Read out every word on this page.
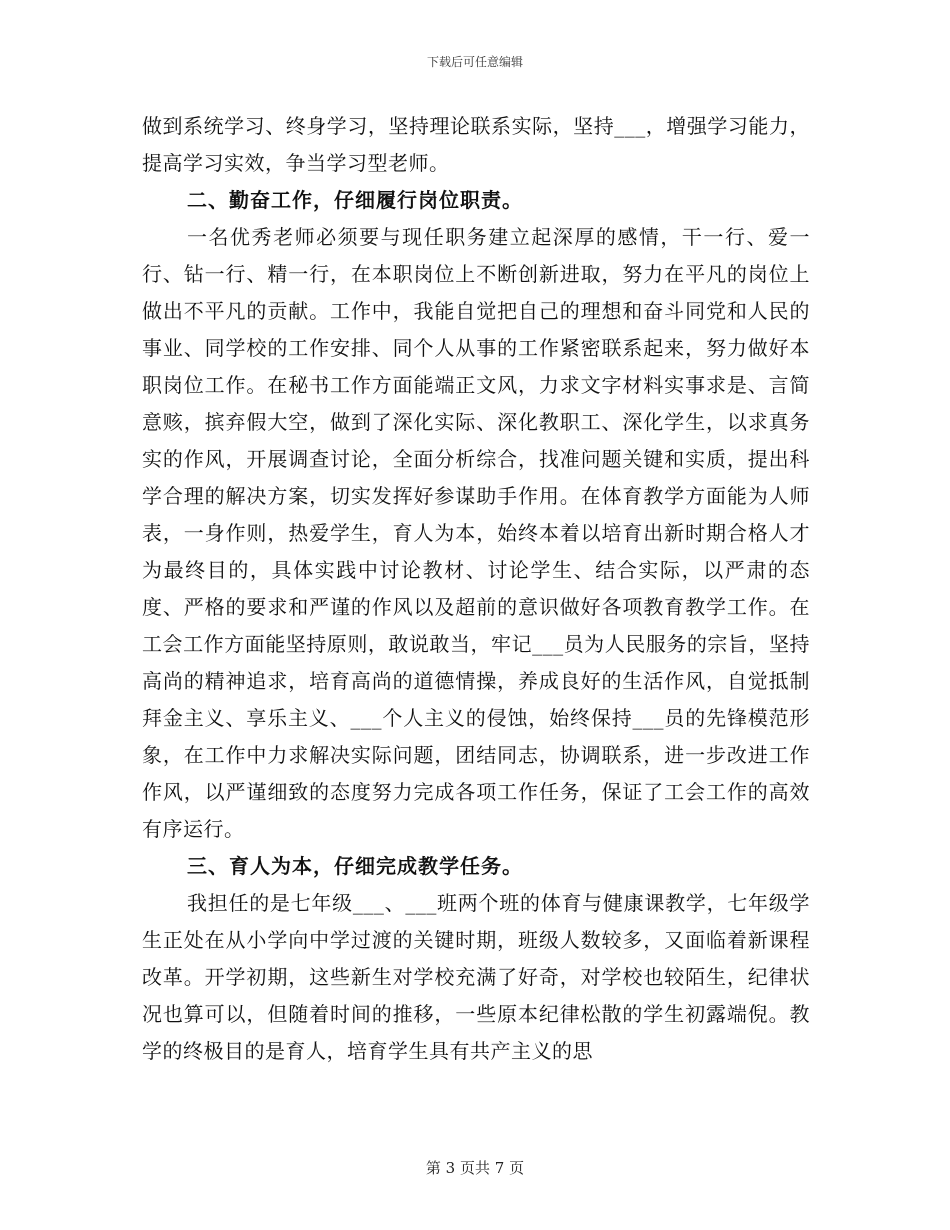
下载后可任意编辑

做到系统学习、终身学习，坚持理论联系实际，坚持___，增强学习能力，提高学习实效，争当学习型老师。

二、勤奋工作，仔细履行岗位职责。

一名优秀老师必须要与现任职务建立起深厚的感情，干一行、爱一行、钻一行、精一行，在本职岗位上不断创新进取，努力在平凡的岗位上做出不平凡的贡献。工作中，我能自觉把自己的理想和奋斗同党和人民的事业、同学校的工作安排、同个人从事的工作紧密联系起来，努力做好本职岗位工作。在秘书工作方面能端正文风，力求文字材料实事求是、言简意赅，摈弃假大空，做到了深化实际、深化教职工、深化学生，以求真务实的作风，开展调查讨论，全面分析综合，找准问题关键和实质，提出科学合理的解决方案，切实发挥好参谋助手作用。在体育教学方面能为人师表，一身作则，热爱学生，育人为本，始终本着以培育出新时期合格人才为最终目的，具体实践中讨论教材、讨论学生、结合实际，以严肃的态度、严格的要求和严谨的作风以及超前的意识做好各项教育教学工作。在工会工作方面能坚持原则，敢说敢当，牢记___员为人民服务的宗旨，坚持高尚的精神追求，培育高尚的道德情操，养成良好的生活作风，自觉抵制拜金主义、享乐主义、___个人主义的侵蚀，始终保持___员的先锋模范形象，在工作中力求解决实际问题，团结同志，协调联系，进一步改进工作作风，以严谨细致的态度努力完成各项工作任务，保证了工会工作的高效有序运行。

三、育人为本，仔细完成教学任务。

我担任的是七年级___、___班两个班的体育与健康课教学，七年级学生正处在从小学向中学过渡的关键时期，班级人数较多，又面临着新课程改革。开学初期，这些新生对学校充满了好奇，对学校也较陌生，纪律状况也算可以，但随着时间的推移，一些原本纪律松散的学生初露端倪。教学的终极目的是育人，培育学生具有共产主义的思

第 3 页共 7 页
